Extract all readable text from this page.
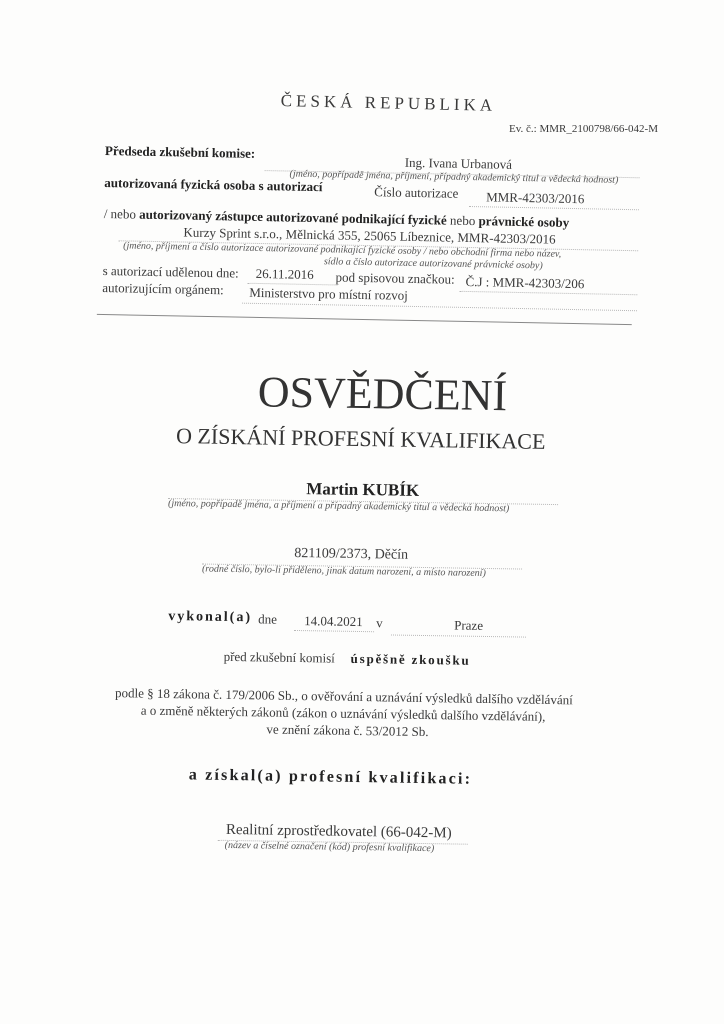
ČESKÁ REPUBLIKA
Ev. č.: MMR_2100798/66-042-M
Předseda zkušební komise:
Ing. Ivana Urbanová
(jméno, popřípadě jména, příjmení, případný akademický titul a vědecká hodnost)
autorizovaná fyzická osoba s autorizací	Číslo autorizace MMR-42303/2016
/ nebo autorizovaný zástupce autorizované podnikající fyzické nebo právnické osoby
Kurzy Sprint s.r.o., Mělnická 355, 25065 Líbeznice, MMR-42303/2016
(jméno, příjmení a číslo autorizace autorizované podnikající fyzické osoby / nebo obchodní firma nebo název,
sídlo a číslo autorizace autorizované právnické osoby)
s autorizací udělenou dne: 26.11.2016 pod spisovou značkou: Č.J : MMR-42303/206
autorizujícím orgánem: Ministerstvo pro místní rozvoj
OSVĚDČENÍ
O ZÍSKÁNÍ PROFESNÍ KVALIFIKACE
Martin KUBÍK
(jméno, popřípadě jména, a příjmení a případný akademický titul a vědecká hodnost)
821109/2373, Děčín
(rodné číslo, bylo-li přiděleno, jinak datum narození, a místo narození)
vykonal(a) dne 14.04.2021 v	Praze
před zkušební komisí úspěšně zkoušku
podle § 18 zákona č. 179/2006 Sb., o ověřování a uznávání výsledků dalšího vzdělávání
a o změně některých zákonů (zákon o uznávání výsledků dalšího vzdělávání),
ve znění zákona č. 53/2012 Sb.
a získal(a) profesní kvalifikaci:
Realitní zprostředkovatel (66-042-M)
(název a číselné označení (kód) profesní kvalifikace)
